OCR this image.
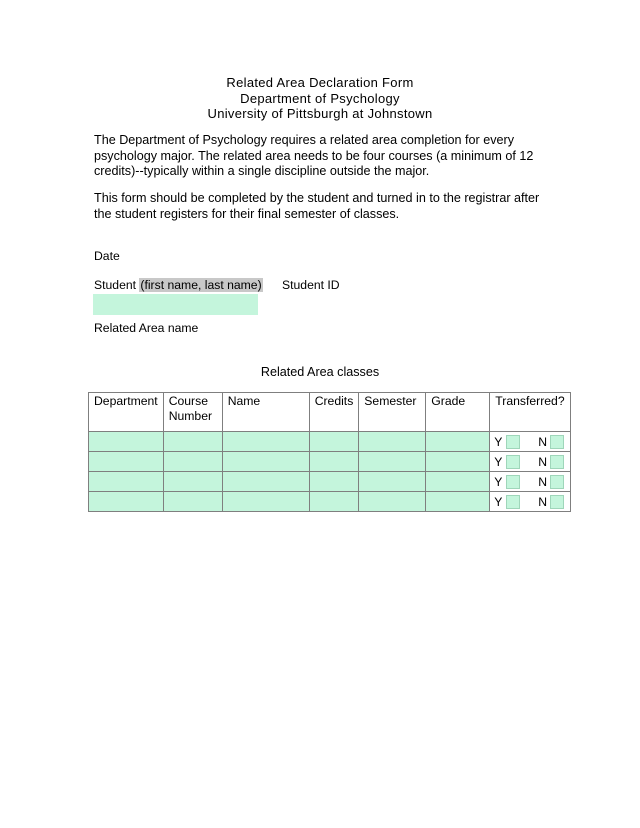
Related Area Declaration Form
Department of Psychology
University of Pittsburgh at Johnstown
The Department of Psychology requires a related area completion for every psychology major. The related area needs to be four courses (a minimum of 12 credits)--typically within a single discipline outside the major.
This form should be completed by the student and turned in to the registrar after the student registers for their final semester of classes.
Date
Student (first name, last name) Student ID
Related Area name
Related Area classes
Department	Course Number	Name	Credits	Semester	Grade	Transferred?

						Y N

						Y N

						Y N

						Y N
